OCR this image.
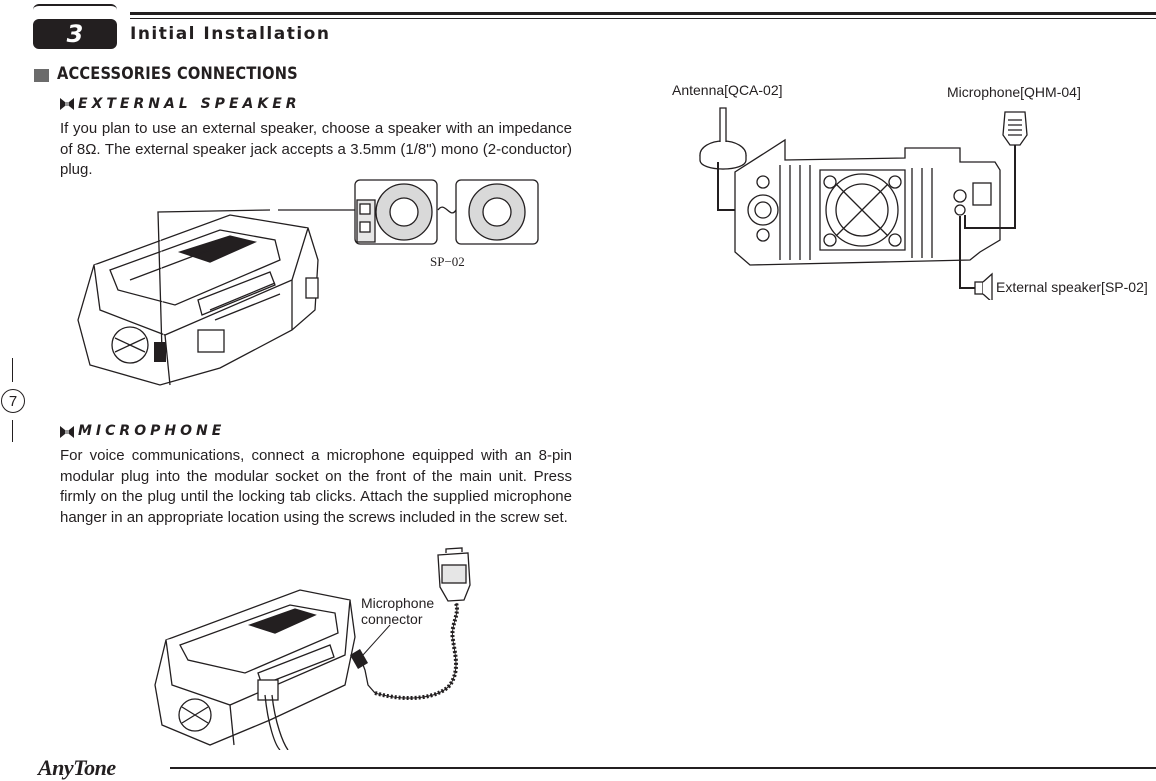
3	Initial Installation
ACCESSORIES CONNECTIONS
EXTERNAL SPEAKER
If you plan to use an external speaker, choose a speaker with an impedance of 8Ω. The external speaker jack accepts a 3.5mm (1/8") mono (2-conductor) plug.
SP−02
MICROPHONE
For voice communications, connect a microphone equipped with an 8-pin modular plug into the modular socket on the front of the main unit. Press firmly on the plug until the locking tab clicks. Attach the supplied microphone hanger in an appropriate location using the screws included in the screw set.
Microphone
connector
Antenna[QCA-02]	Microphone[QHM-04]
External speaker[SP-02]
7
AnyTone
